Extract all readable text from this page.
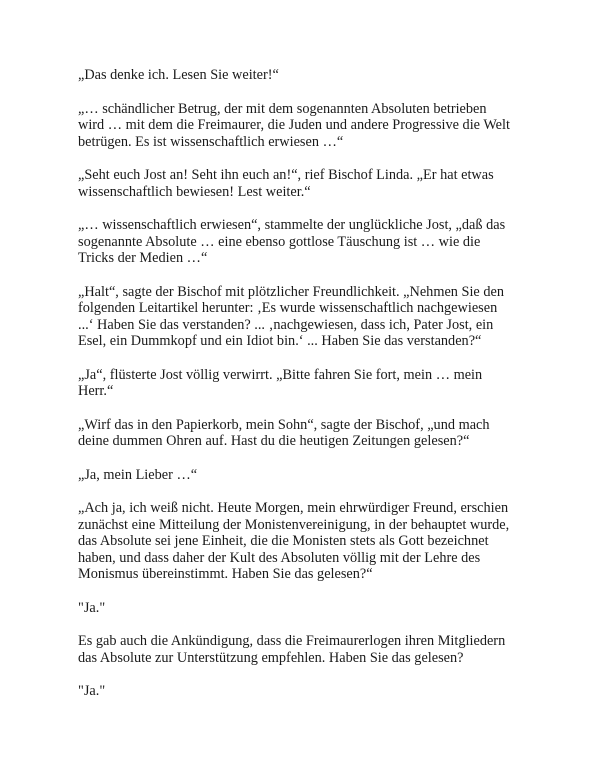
„Das denke ich. Lesen Sie weiter!“

„… schändlicher Betrug, der mit dem sogenannten Absoluten betrieben
wird … mit dem die Freimaurer, die Juden und andere Progressive die Welt
betrügen. Es ist wissenschaftlich erwiesen …“

„Seht euch Jost an! Seht ihn euch an!“, rief Bischof Linda. „Er hat etwas
wissenschaftlich bewiesen! Lest weiter.“

„… wissenschaftlich erwiesen“, stammelte der unglückliche Jost, „daß das
sogenannte Absolute … eine ebenso gottlose Täuschung ist … wie die
Tricks der Medien …“

„Halt“, sagte der Bischof mit plötzlicher Freundlichkeit. „Nehmen Sie den
folgenden Leitartikel herunter: ‚Es wurde wissenschaftlich nachgewiesen
...‘ Haben Sie das verstanden? ... ‚nachgewiesen, dass ich, Pater Jost, ein
Esel, ein Dummkopf und ein Idiot bin.‘ ... Haben Sie das verstanden?“

„Ja“, flüsterte Jost völlig verwirrt. „Bitte fahren Sie fort, mein … mein
Herr.“

„Wirf das in den Papierkorb, mein Sohn“, sagte der Bischof, „und mach
deine dummen Ohren auf. Hast du die heutigen Zeitungen gelesen?“

„Ja, mein Lieber …“

„Ach ja, ich weiß nicht. Heute Morgen, mein ehrwürdiger Freund, erschien
zunächst eine Mitteilung der Monistenvereinigung, in der behauptet wurde,
das Absolute sei jene Einheit, die die Monisten stets als Gott bezeichnet
haben, und dass daher der Kult des Absoluten völlig mit der Lehre des
Monismus übereinstimmt. Haben Sie das gelesen?“

"Ja."

Es gab auch die Ankündigung, dass die Freimaurerlogen ihren Mitgliedern
das Absolute zur Unterstützung empfehlen. Haben Sie das gelesen?

"Ja."
